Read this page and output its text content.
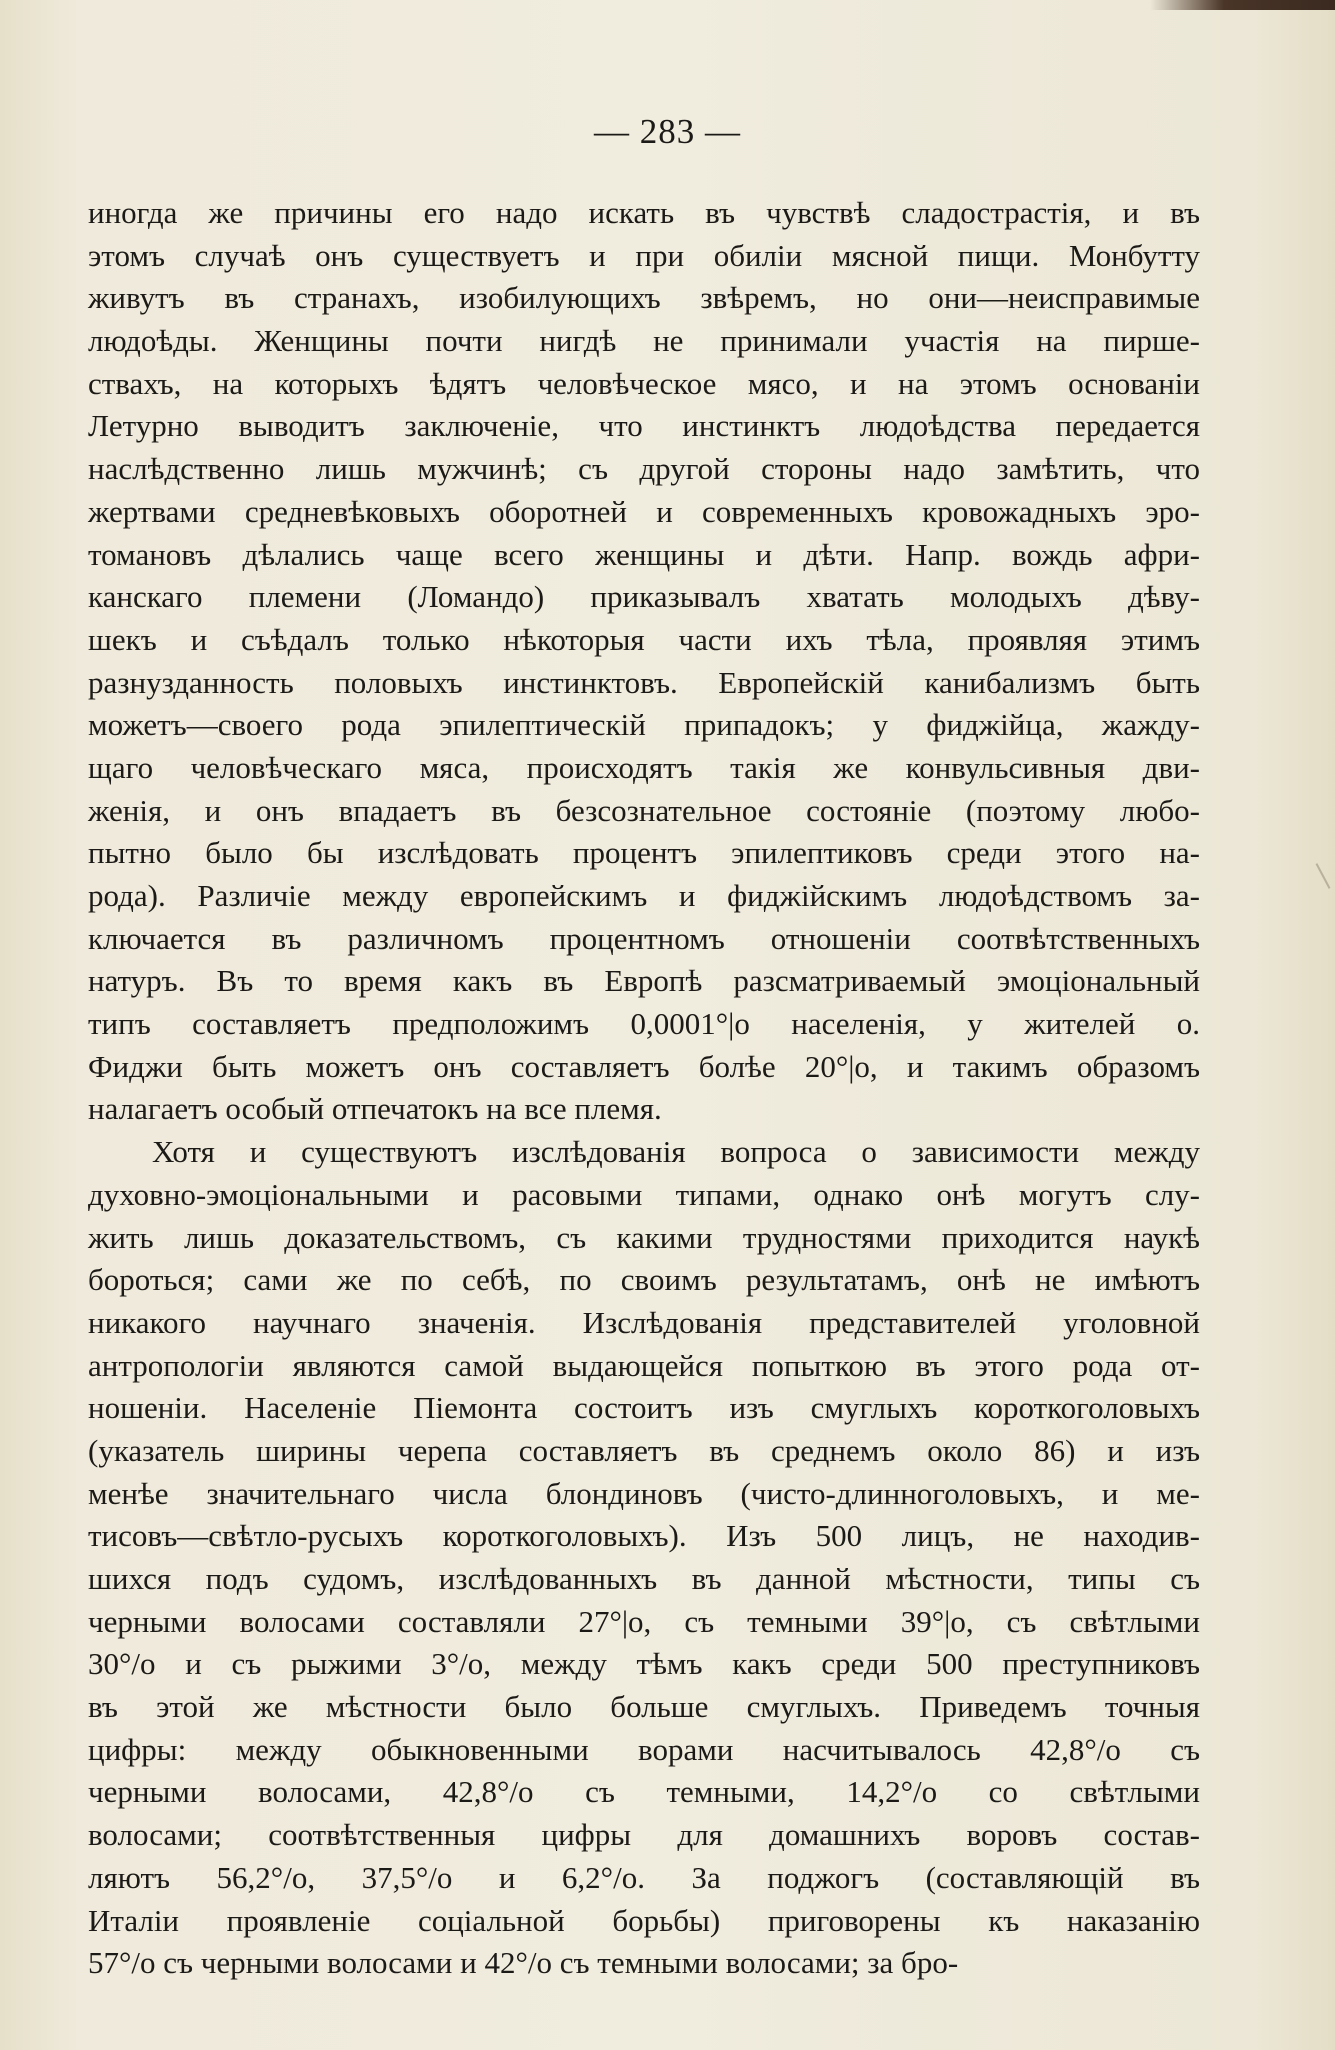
— 283 —
иногда же причины его надо искать въ чувствѣ сладострастія, и въ
этомъ случаѣ онъ существуетъ и при обиліи мясной пищи. Монбутту
живутъ въ странахъ, изобилующихъ звѣремъ, но они—неисправимые
людоѣды. Женщины почти нигдѣ не принимали участія на пирше-
ствахъ, на которыхъ ѣдятъ человѣческое мясо, и на этомъ основаніи
Летурно выводитъ заключеніе, что инстинктъ людоѣдства передается
наслѣдственно лишь мужчинѣ; съ другой стороны надо замѣтить, что
жертвами средневѣковыхъ оборотней и современныхъ кровожадныхъ эро-
томановъ дѣлались чаще всего женщины и дѣти. Напр. вождь афри-
канскаго племени (Ломандо) приказывалъ хватать молодыхъ дѣву-
шекъ и съѣдалъ только нѣкоторыя части ихъ тѣла, проявляя этимъ
разнузданность половыхъ инстинктовъ. Европейскій канибализмъ быть
можетъ—своего рода эпилептическій припадокъ; у фиджійца, жажду-
щаго человѣческаго мяса, происходятъ такія же конвульсивныя дви-
женія, и онъ впадаетъ въ безсознательное состояніе (поэтому любо-
пытно было бы изслѣдовать процентъ эпилептиковъ среди этого на-
рода). Различіе между европейскимъ и фиджійскимъ людоѣдствомъ за-
ключается въ различномъ процентномъ отношеніи соотвѣтственныхъ
натуръ. Въ то время какъ въ Европѣ разсматриваемый эмоціональный
типъ составляетъ предположимъ 0,0001°|o населенія, у жителей о.
Фиджи быть можетъ онъ составляетъ болѣе 20°|o, и такимъ образомъ
налагаетъ особый отпечатокъ на все племя.
Хотя и существуютъ изслѣдованія вопроса о зависимости между
духовно-эмоціональными и расовыми типами, однако онѣ могутъ слу-
жить лишь доказательствомъ, съ какими трудностями приходится наукѣ
бороться; сами же по себѣ, по своимъ результатамъ, онѣ не имѣютъ
никакого научнаго значенія. Изслѣдованія представителей уголовной
антропологіи являются самой выдающейся попыткою въ этого рода от-
ношеніи. Населеніе Піемонта состоитъ изъ смуглыхъ короткоголовыхъ
(указатель ширины черепа составляетъ въ среднемъ около 86) и изъ
менѣе значительнаго числа блондиновъ (чисто-длинноголовыхъ, и ме-
тисовъ—свѣтло-русыхъ короткоголовыхъ). Изъ 500 лицъ, не находив-
шихся подъ судомъ, изслѣдованныхъ въ данной мѣстности, типы съ
черными волосами составляли 27°|o, съ темными 39°|o, съ свѣтлыми
30°/o и съ рыжими 3°/o, между тѣмъ какъ среди 500 преступниковъ
въ этой же мѣстности было больше смуглыхъ. Приведемъ точныя
цифры: между обыкновенными ворами насчитывалось 42,8°/o съ
черными волосами, 42,8°/o съ темными, 14,2°/o со свѣтлыми
волосами; соотвѣтственныя цифры для домашнихъ воровъ состав-
ляютъ 56,2°/o, 37,5°/o и 6,2°/o. За поджогъ (составляющій въ
Италіи проявленіе соціальной борьбы) приговорены къ наказанію
57°/o съ черными волосами и 42°/o съ темными волосами; за бро-
